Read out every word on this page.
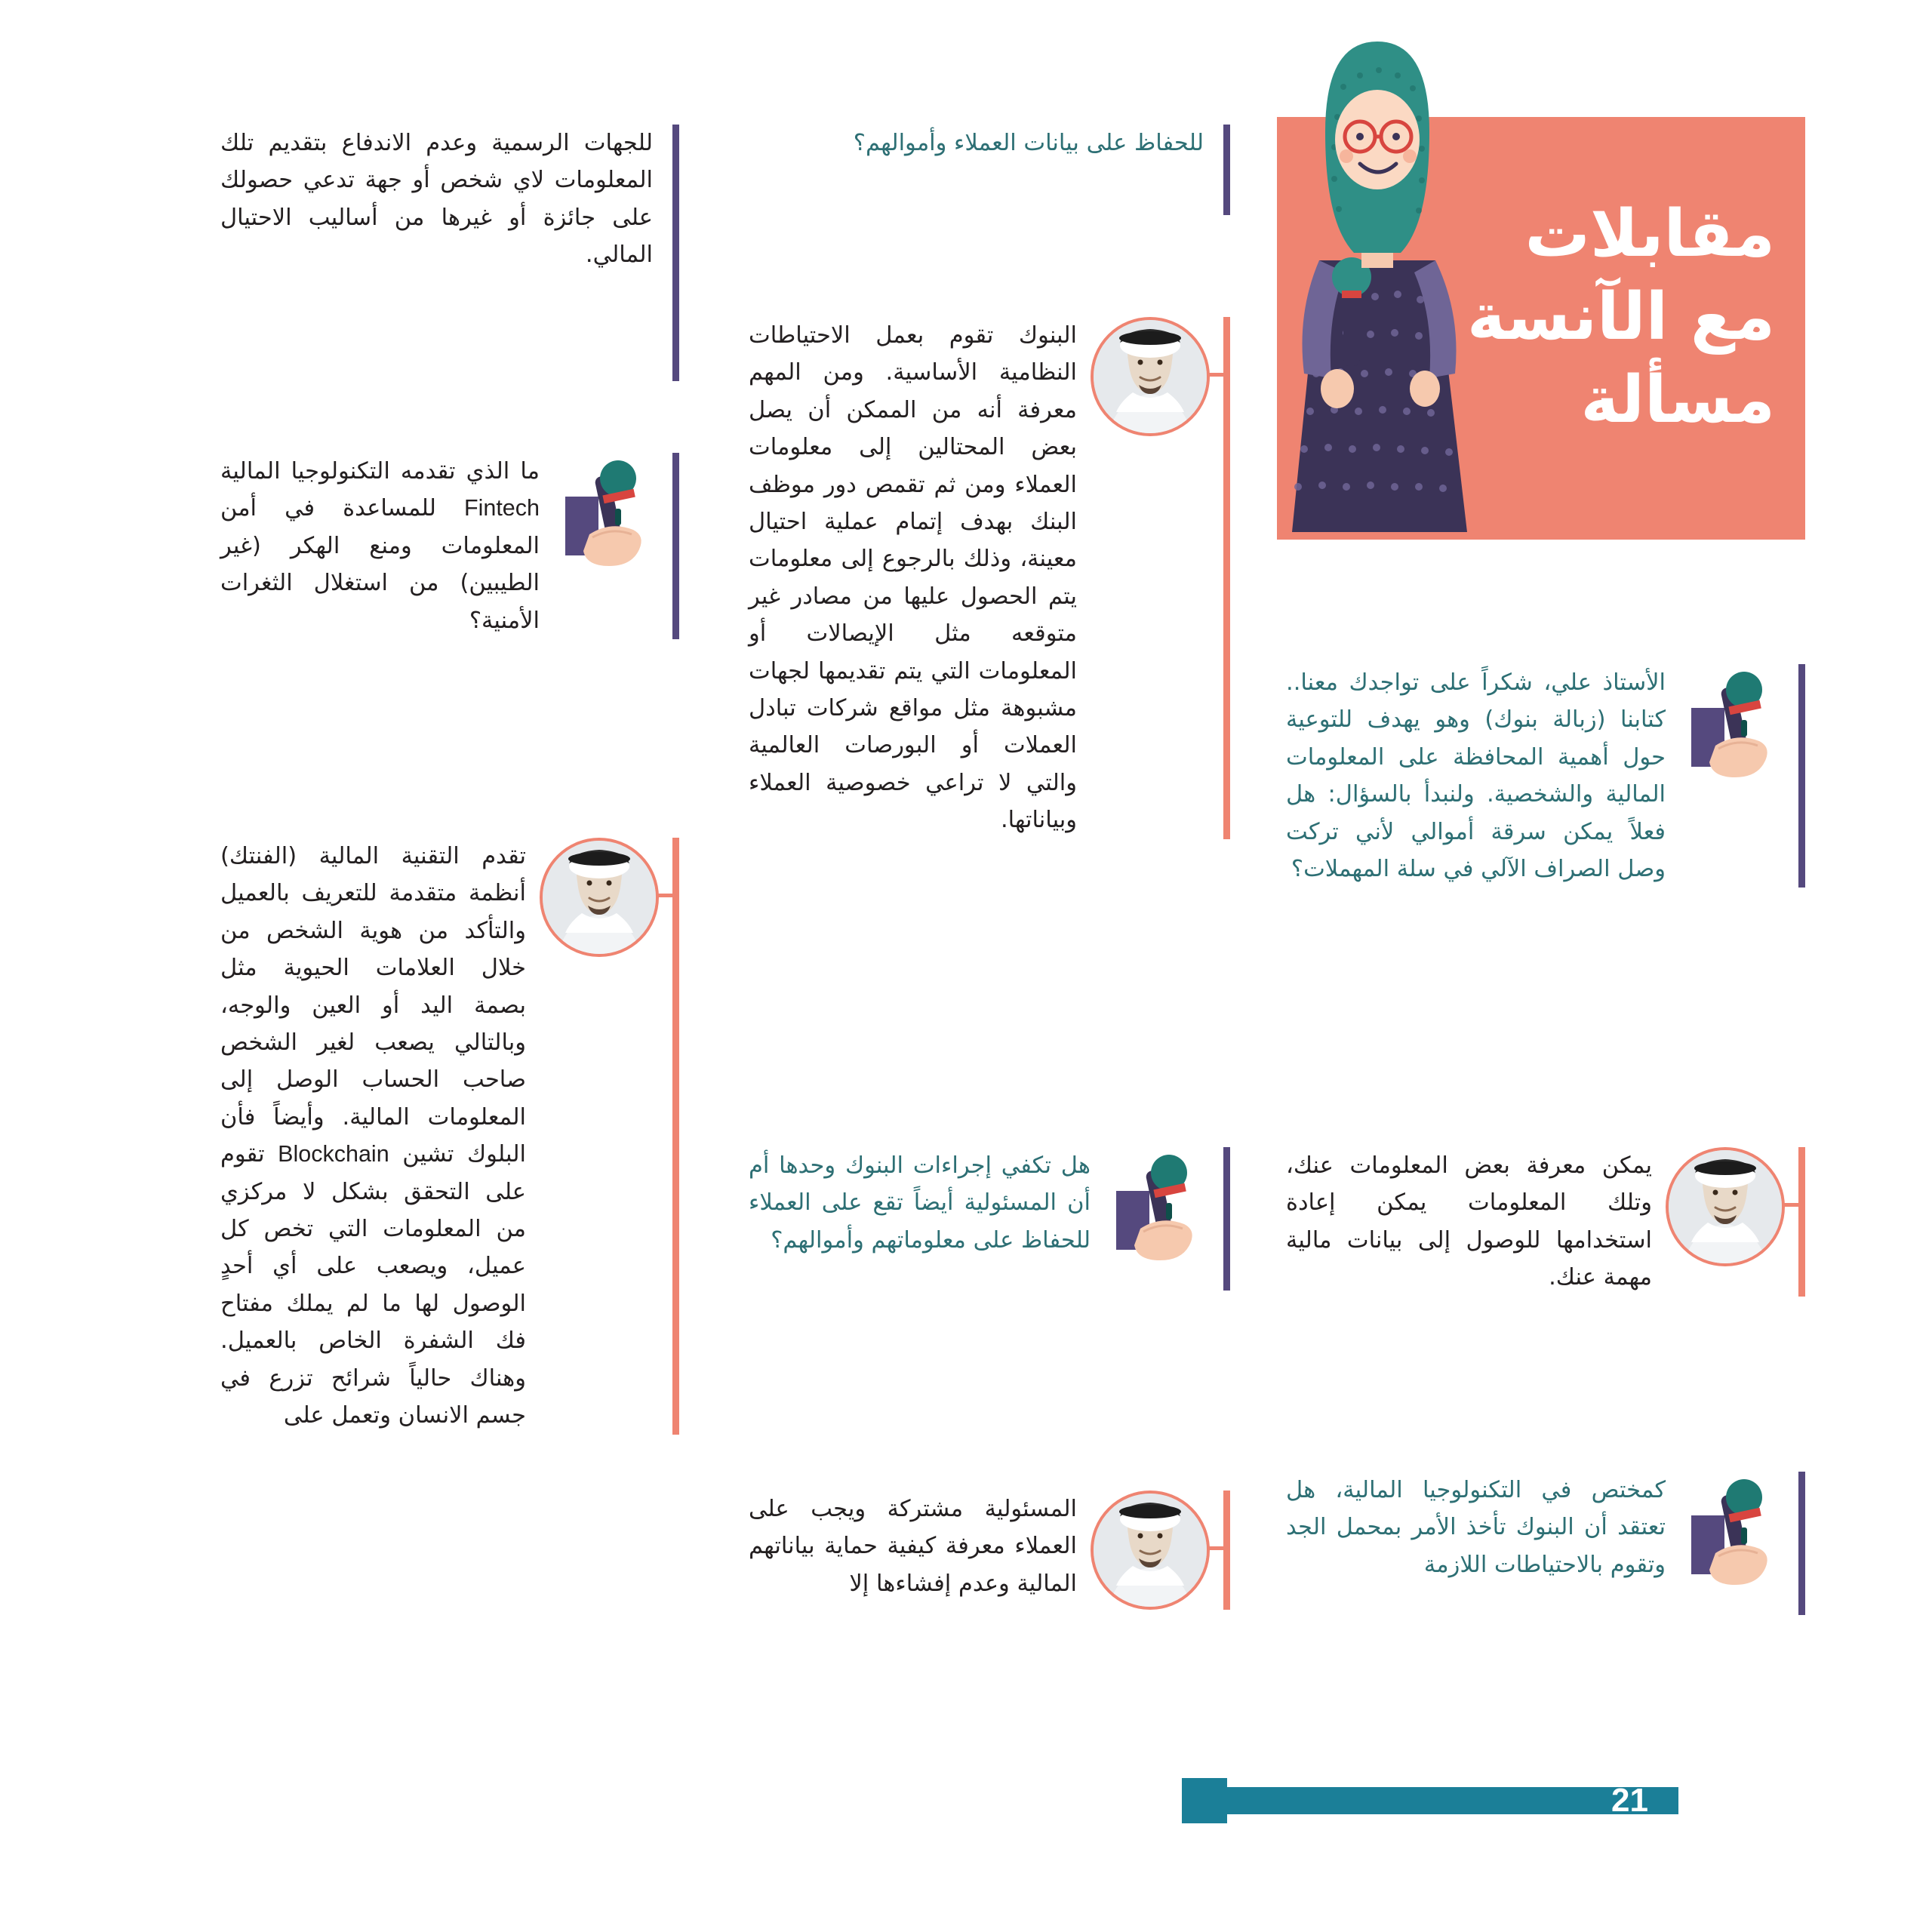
مقابلات مع الآنسة مسألة
الأستاذ علي، شكراً على تواجدك معنا.. كتابنا (زبالة بنوك) وهو يهدف للتوعية حول أهمية المحافظة على المعلومات المالية والشخصية. ولنبدأ بالسؤال: هل فعلاً يمكن سرقة أموالي لأني تركت وصل الصراف الآلي في سلة المهملات؟
يمكن معرفة بعض المعلومات عنك، وتلك المعلومات يمكن إعادة استخدامها للوصول إلى بيانات مالية مهمة عنك.
كمختص في التكنولوجيا المالية، هل تعتقد أن البنوك تأخذ الأمر بمحمل الجد وتقوم بالاحتياطات اللازمة
21
للحفاظ على بيانات العملاء وأموالهم؟
البنوك تقوم بعمل الاحتياطات النظامية الأساسية. ومن المهم معرفة أنه من الممكن أن يصل بعض المحتالين إلى معلومات العملاء ومن ثم تقمص دور موظف البنك بهدف إتمام عملية احتيال معينة، وذلك بالرجوع إلى معلومات يتم الحصول عليها من مصادر غير متوقعه مثل الإيصالات أو المعلومات التي يتم تقديمها لجهات مشبوهة مثل مواقع شركات تبادل العملات أو البورصات العالمية والتي لا تراعي خصوصية العملاء وبياناتها.
هل تكفي إجراءات البنوك وحدها أم أن المسئولية أيضاً تقع على العملاء للحفاظ على معلوماتهم وأموالهم؟
المسئولية مشتركة ويجب على العملاء معرفة كيفية حماية بياناتهم المالية وعدم إفشاءها إلا
للجهات الرسمية وعدم الاندفاع بتقديم تلك المعلومات لاي شخص أو جهة تدعي حصولك على جائزة أو غيرها من أساليب الاحتيال المالي.
ما الذي تقدمه التكنولوجيا المالية Fintech للمساعدة في أمن المعلومات ومنع الهكر (غير الطيبين) من استغلال الثغرات الأمنية؟
تقدم التقنية المالية (الفنتك) أنظمة متقدمة للتعريف بالعميل والتأكد من هوية الشخص من خلال العلامات الحيوية مثل بصمة اليد أو العين والوجه، وبالتالي يصعب لغير الشخص صاحب الحساب الوصل إلى المعلومات المالية. وأيضاً فأن البلوك تشين Blockchain تقوم على التحقق بشكل لا مركزي من المعلومات التي تخص كل عميل، ويصعب على أي أحدٍ الوصول لها ما لم يملك مفتاح فك الشفرة الخاص بالعميل. وهناك حالياً شرائح تزرع في جسم الانسان وتعمل على
